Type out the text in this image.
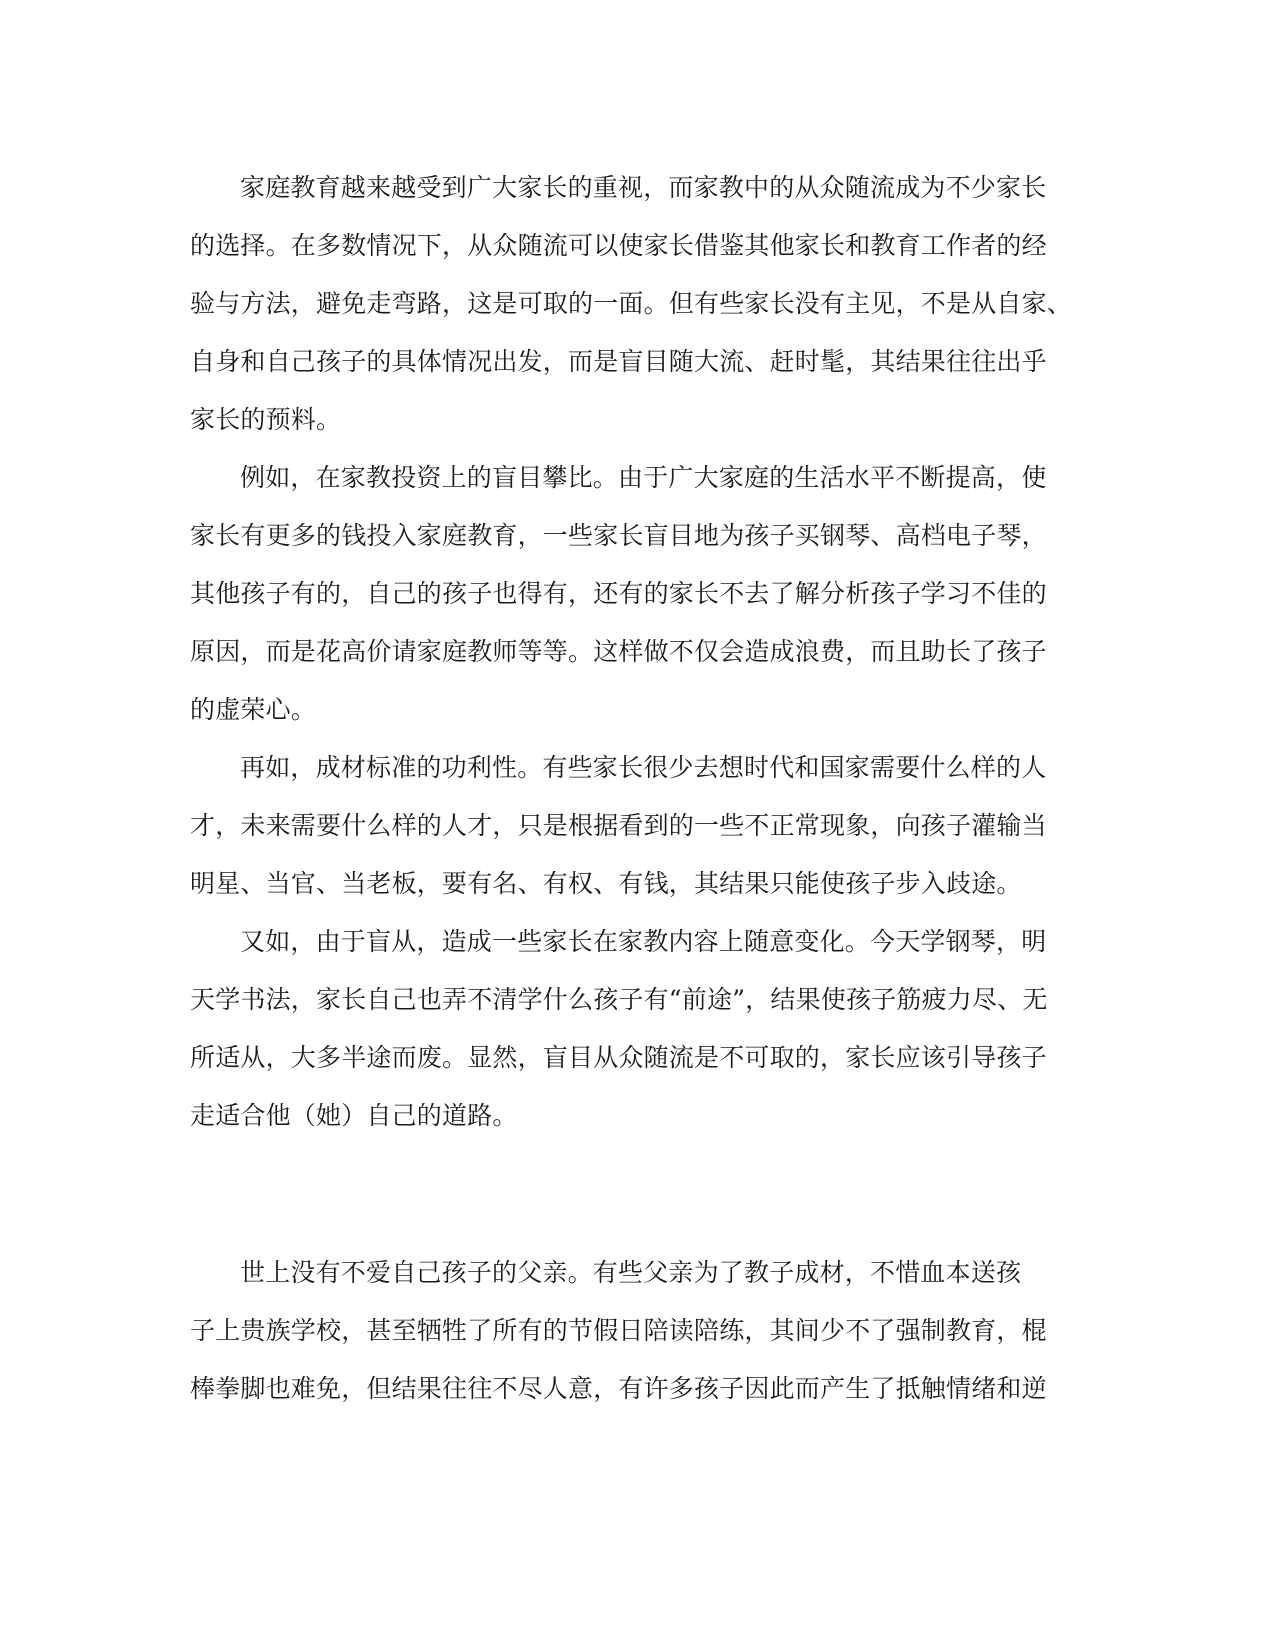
家庭教育越来越受到广大家长的重视，而家教中的从众随流成为不少家长
的选择。在多数情况下，从众随流可以使家长借鉴其他家长和教育工作者的经
验与方法，避免走弯路，这是可取的一面。但有些家长没有主见，不是从自家、
自身和自己孩子的具体情况出发，而是盲目随大流、赶时髦，其结果往往出乎
家长的预料。
例如，在家教投资上的盲目攀比。由于广大家庭的生活水平不断提高，使
家长有更多的钱投入家庭教育，一些家长盲目地为孩子买钢琴、高档电子琴，
其他孩子有的，自己的孩子也得有，还有的家长不去了解分析孩子学习不佳的
原因，而是花高价请家庭教师等等。这样做不仅会造成浪费，而且助长了孩子
的虚荣心。
再如，成材标准的功利性。有些家长很少去想时代和国家需要什么样的人
才，未来需要什么样的人才，只是根据看到的一些不正常现象，向孩子灌输当
明星、当官、当老板，要有名、有权、有钱，其结果只能使孩子步入歧途。
又如，由于盲从，造成一些家长在家教内容上随意变化。今天学钢琴，明
天学书法，家长自己也弄不清学什么孩子有“前途”，结果使孩子筋疲力尽、无
所适从，大多半途而废。显然，盲目从众随流是不可取的，家长应该引导孩子
走适合他（她）自己的道路。
世上没有不爱自己孩子的父亲。有些父亲为了教子成材，不惜血本送孩
子上贵族学校，甚至牺牲了所有的节假日陪读陪练，其间少不了强制教育，棍
棒拳脚也难免，但结果往往不尽人意，有许多孩子因此而产生了抵触情绪和逆
